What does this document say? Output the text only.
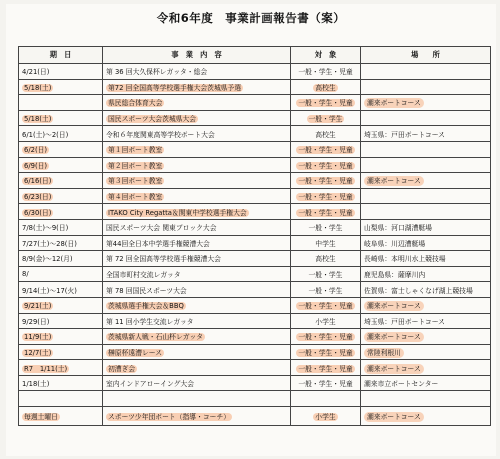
令和6年度　事業計画報告書（案）
期　日	事　業　内　容	対　象	場　　所
4/21(日)	第 36 回大久保杯レガッタ・総会	一般・学生・児童	
5/18(土)	第72 回全国高等学校選手権大会茨城県予選	高校生	
	県民総合体育大会	一般・学生・児童	潮来ボートコース
5/18(土)	国民スポーツ大会茨城県大会	一般・学生	
6/1(土)〜2(日)	令和６年度関東高等学校ボート大会	高校生	埼玉県：戸田ボートコース
6/2(日)	第１回ボート教室	一般・学生・児童	
6/9(日)	第２回ボート教室	一般・学生・児童	
6/16(日)	第３回ボート教室	一般・学生・児童	潮来ボートコース
6/23(日)	第４回ボート教室	一般・学生・児童	
6/30(日)	ITAKO City Regatta＆関東中学校選手権大会	一般・学生・児童	
7/8(土)〜9(日)	国民スポーツ大会 関東ブロック大会	一般・学生	山梨県：河口湖漕艇場
7/27(土)〜28(日)	第44回全日本中学選手権競漕大会	中学生	岐阜県：川辺漕艇場
8/9(金)〜12(月)	第 72 回全国高等学校選手権競漕大会	高校生	長崎県：本明川水上競技場
8/	全国市町村交流レガッタ	一般・学生	鹿児島県：薩摩川内
9/14(土)〜17(火)	第 78 回国民スポーツ大会	一般・学生	佐賀県：富士しゃくなげ湖上競技場
9/21(土)	茨城県選手権大会＆BBQ	一般・学生・児童	潮来ボートコース
9/29(日)	第 11 回小学生交流レガッタ	小学生	埼玉県：戸田ボートコース
11/9(土)	茨城県新人戦・石山杯レガッタ	一般・学生・児童	潮来ボートコース
12/7(土)	榊原杯遠漕レース	一般・学生・児童	常陸利根川
R7　1/11(土)	初漕ぎ会	一般・学生・児童	潮来ボートコース
1/18(土)	室内インドアローイング大会	一般・学生・児童	潮来市立ボートセンター

毎週土曜日	スポーツ少年団ボート（指導・コーチ）	小学生	潮来ボートコース
